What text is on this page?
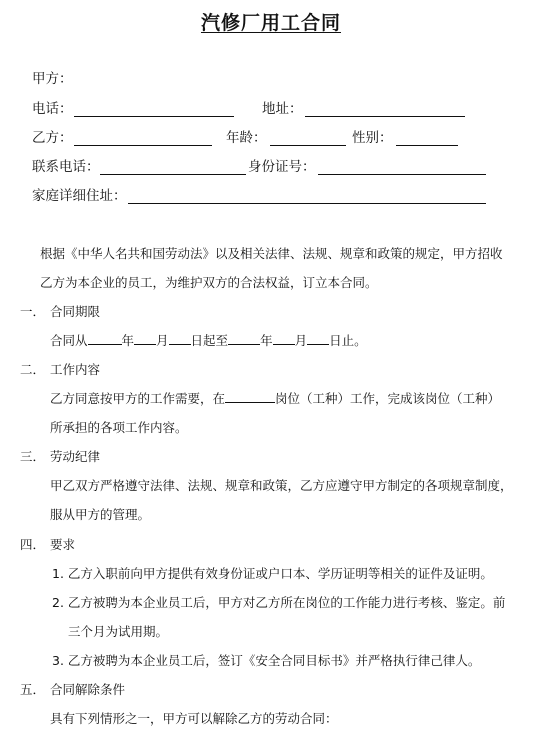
汽修厂用工合同
甲方：
电话：	地址：
乙方：	年龄：	性别：
联系电话：	身份证号：
家庭详细住址：
根据《中华人名共和国劳动法》以及相关法律、法规、规章和政策的规定，甲方招收
乙方为本企业的员工，为维护双方的合法权益，订立本合同。
一． 合同期限
合同从	年 月 日起至	年 月 日止。
二． 工作内容
乙方同意按甲方的工作需要，在	岗位（工种）工作，完成该岗位（工种）
所承担的各项工作内容。
三． 劳动纪律
甲乙双方严格遵守法律、法规、规章和政策，乙方应遵守甲方制定的各项规章制度，
服从甲方的管理。
四． 要求
1. 乙方入职前向甲方提供有效身份证或户口本、学历证明等相关的证件及证明。
2. 乙方被聘为本企业员工后，甲方对乙方所在岗位的工作能力进行考核、鉴定。前
三个月为试用期。
3. 乙方被聘为本企业员工后，签订《安全合同目标书》并严格执行律己律人。
五． 合同解除条件
具有下列情形之一，甲方可以解除乙方的劳动合同：
